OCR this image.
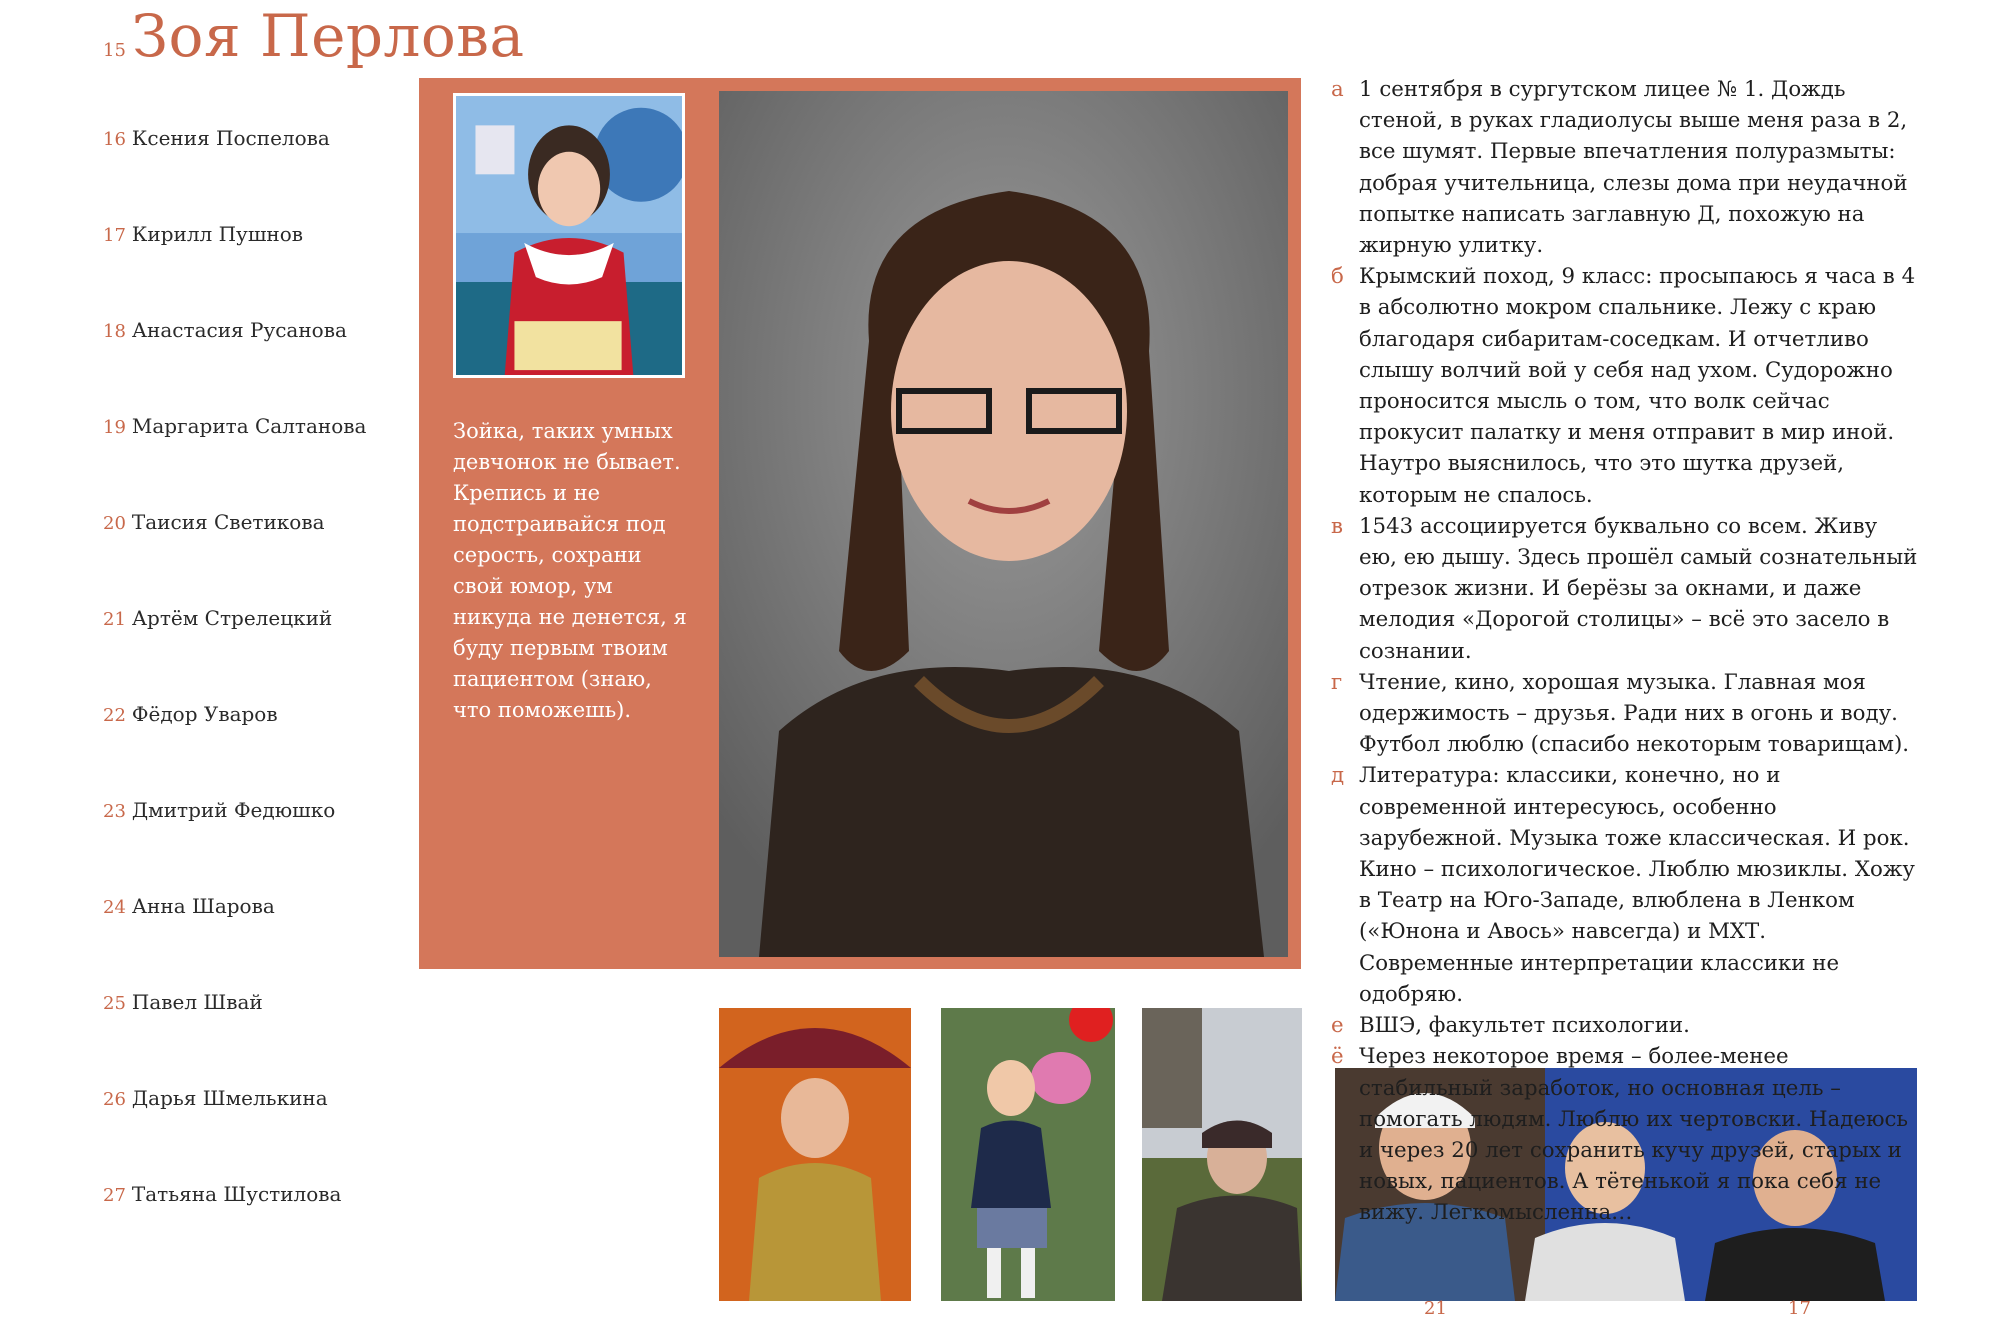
15 Зоя Перлова
16 Ксения Поспелова
17 Кирилл Пушнов
18 Анастасия Русанова
19 Маргарита Салтанова
20 Таисия Светикова
21 Артём Стрелецкий
22 Фёдор Уваров
23 Дмитрий Федюшко
24 Анна Шарова
25 Павел Швай
26 Дарья Шмелькина
27 Татьяна Шустилова
Зойка, таких умных девчонок не бывает. Крепись и не подстраивайся под серость, сохрани свой юмор, ум никуда не денется, я буду первым твоим пациентом (знаю, что поможешь).
21	17
а 1 сентября в сургутском лицее № 1. Дождь стеной, в руках гладиолусы выше меня раза в 2, все шумят. Первые впечатления полуразмыты: добрая учительница, слезы дома при неудачной попытке написать заглавную Д, похожую на жирную улитку.
б Крымский поход, 9 класс: просыпаюсь я часа в 4 в абсолютно мокром спальнике. Лежу с краю благодаря сибаритам-соседкам. И отчетливо слышу волчий вой у себя над ухом. Судорожно проносится мысль о том, что волк сейчас прокусит палатку и меня отправит в мир иной. Наутро выяснилось, что это шутка друзей, которым не спалось.
в 1543 ассоциируется буквально со всем. Живу ею, ею дышу. Здесь прошёл самый сознательный отрезок жизни. И берёзы за окнами, и даже мелодия «Дорогой столицы» – всё это засело в сознании.
г Чтение, кино, хорошая музыка. Главная моя одержимость – друзья. Ради них в огонь и воду. Футбол люблю (спасибо некоторым товарищам).
д Литература: классики, конечно, но и современной интересуюсь, особенно зарубежной. Музыка тоже классическая. И рок. Кино – психологическое. Люблю мюзиклы. Хожу в Театр на Юго-Западе, влюблена в Ленком («Юнона и Авось» навсегда) и МХТ. Современные интерпретации классики не одобряю.
е ВШЭ, факультет психологии.
ё Через некоторое время – более-менее стабильный заработок, но основная цель – помогать людям. Люблю их чертовски. Надеюсь и через 20 лет сохранить кучу друзей, старых и новых, пациентов. А тётенькой я пока себя не вижу. Легкомысленна…
